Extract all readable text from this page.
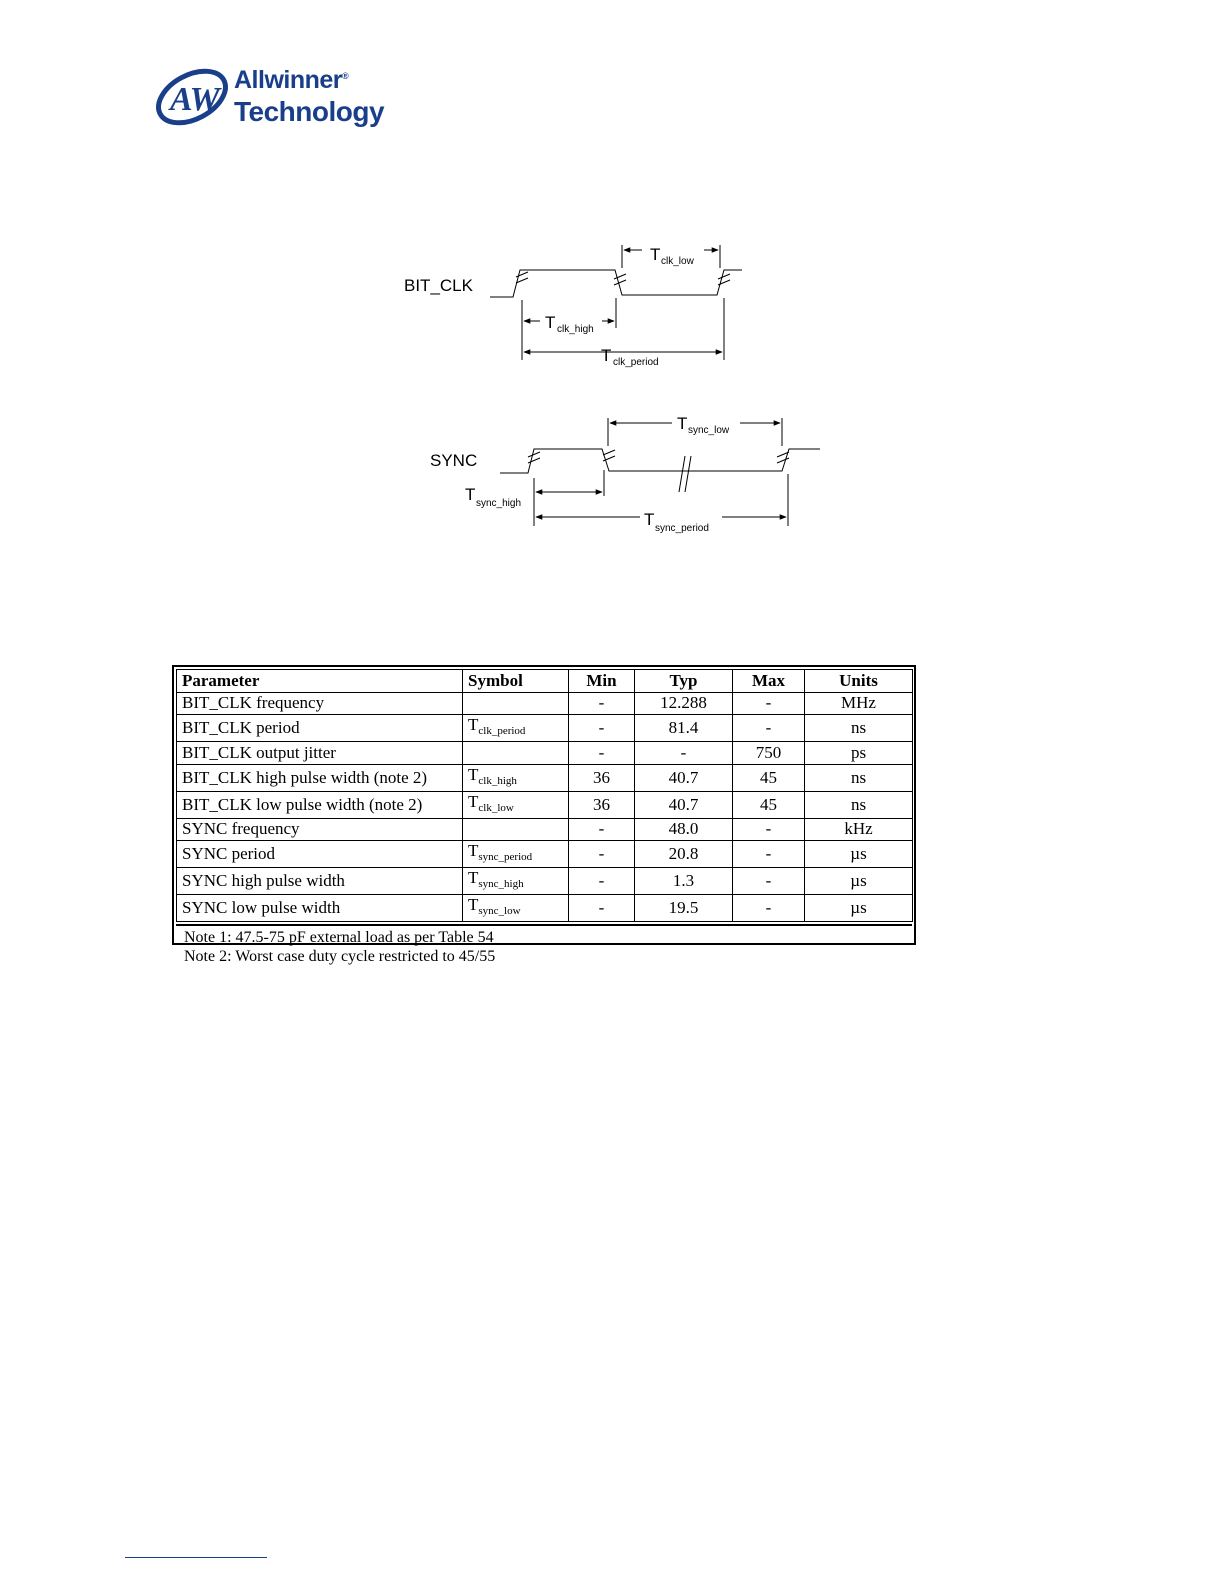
AW
Allwinner®
Technology
BIT_CLK
SYNC
T clk_low
T clk_high
T clk_period
T sync_low
T sync_high
T sync_period
Parameter	Symbol	Min	Typ	Max	Units
BIT_CLK frequency		-	12.288	-	MHz
BIT_CLK period	$T_{clk\_period}$	-	81.4	-	ns
BIT_CLK output jitter		-	-	750	ps
BIT_CLK high pulse width (note 2)	$T_{clk\_high}$	36	40.7	45	ns
BIT_CLK low pulse width (note 2)	$T_{clk\_low}$	36	40.7	45	ns
SYNC frequency		-	48.0	-	kHz
SYNC period	$T_{sync\_period}$	-	20.8	-	µs
SYNC high pulse width	$T_{sync\_high}$	-	1.3	-	µs
SYNC low pulse width	$T_{sync\_low}$	-	19.5	-	µs
Note 1: 47.5-75 pF external load as per Table 54
Note 2: Worst case duty cycle restricted to 45/55
